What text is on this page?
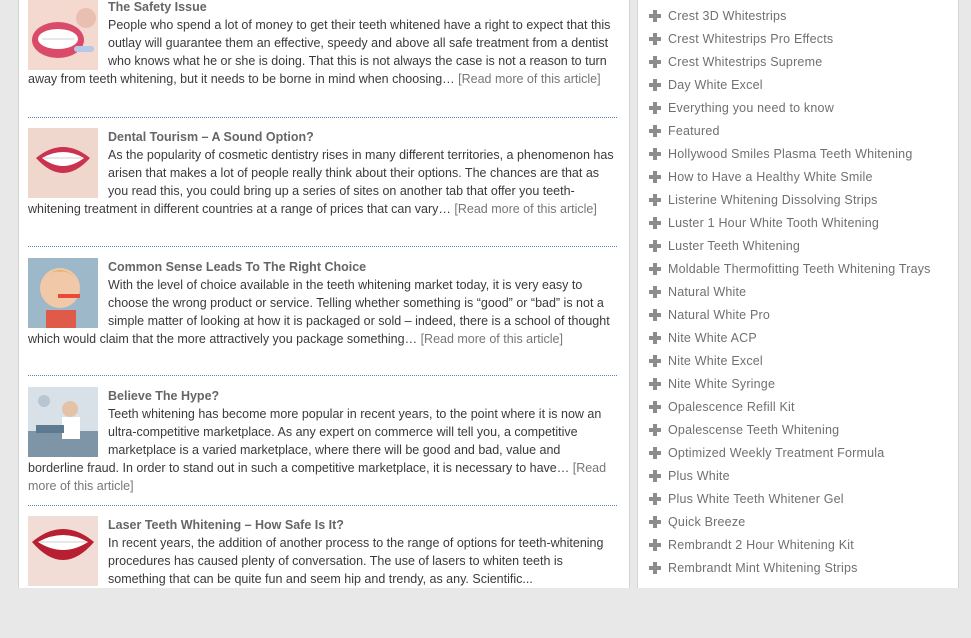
The Safety Issue
People who spend a lot of money to get their teeth whitened have a right to expect that this outlay will guarantee them an effective, speedy and above all safe treatment from a dentist who knows what he or she is doing. That this is not always the case is not a reason to turn away from teeth whitening, but it needs to be borne in mind when choosing… [Read more of this article]
Dental Tourism – A Sound Option?
As the popularity of cosmetic dentistry rises in many different territories, a phenomenon has arisen that makes a lot of people really think about their options. The chances are that as you read this, you could bring up a series of sites on another tab that offer you teeth-whitening treatment in different countries at a range of prices that can vary… [Read more of this article]
Common Sense Leads To The Right Choice
With the level of choice available in the teeth whitening market today, it is very easy to choose the wrong product or service. Telling whether something is “good” or “bad” is not a simple matter of looking at how it is packaged or sold – indeed, there is a school of thought which would claim that the more attractively you package something… [Read more of this article]
Believe The Hype?
Teeth whitening has become more popular in recent years, to the point where it is now an ultra-competitive marketplace. As any expert on commerce will tell you, a competitive marketplace is a varied marketplace, where there will be good and bad, value and borderline fraud. In order to stand out in such a competitive marketplace, it is necessary to have… [Read more of this article]
Laser Teeth Whitening – How Safe Is It?
In recent years, the addition of another process to the range of options for teeth-whitening procedures has caused plenty of conversation. The use of lasers to whiten teeth is something that can be quite fun and seem hip and trendy, as any. Scientific...
Crest 3D Whitestrips
Crest Whitestrips Pro Effects
Crest Whitestrips Supreme
Day White Excel
Everything you need to know
Featured
Hollywood Smiles Plasma Teeth Whitening
How to Have a Healthy White Smile
Listerine Whitening Dissolving Strips
Luster 1 Hour White Tooth Whitening
Luster Teeth Whitening
Moldable Thermofitting Teeth Whitening Trays
Natural White
Natural White Pro
Nite White ACP
Nite White Excel
Nite White Syringe
Opalescence Refill Kit
Opalescense Teeth Whitening
Optimized Weekly Treatment Formula
Plus White
Plus White Teeth Whitener Gel
Quick Breeze
Rembrandt 2 Hour Whitening Kit
Rembrandt Mint Whitening Strips
